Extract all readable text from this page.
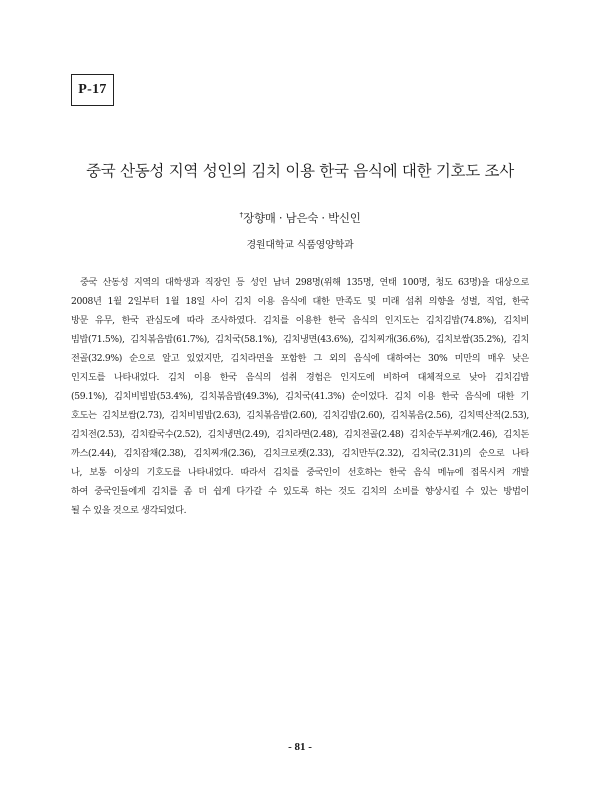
P-17
중국 산동성 지역 성인의 김치 이용 한국 음식에 대한 기호도 조사
†장향매 · 남은숙 · 박신인
경원대학교 식품영양학과
중국 산동성 지역의 대학생과 직장인 등 성인 남녀 298명(위해 135명, 연태 100명, 청도 63명)을 대상으로
2008년 1월 2일부터 1월 18일 사이 김치 이용 음식에 대한 만족도 및 미래 섭취 의향을 성별, 직업, 한국
방문 유무, 한국 관심도에 따라 조사하였다. 김치를 이용한 한국 음식의 인지도는 김치김밥(74.8%), 김치비
빔밥(71.5%), 김치볶음밥(61.7%), 김치국(58.1%), 김치냉면(43.6%), 김치찌개(36.6%), 김치보쌈(35.2%), 김치
전골(32.9%) 순으로 알고 있었지만, 김치라면을 포함한 그 외의 음식에 대하여는 30% 미만의 매우 낮은
인지도를 나타내었다. 김치 이용 한국 음식의 섭취 경험은 인지도에 비하여 대체적으로 낮아 김치김밥
(59.1%), 김치비빔밥(53.4%), 김치볶음밥(49.3%), 김치국(41.3%) 순이었다. 김치 이용 한국 음식에 대한 기
호도는 김치보쌈(2.73), 김치비빔밥(2.63), 김치볶음밥(2.60), 김치김밥(2.60), 김치볶음(2.56), 김치떡산적(2.53),
김치전(2.53), 김치칼국수(2.52), 김치냉면(2.49), 김치라면(2.48), 김치전골(2.48) 김치순두부찌개(2.46), 김치돈
까스(2.44), 김치잡채(2.38), 김치찌개(2.36), 김치크로켓(2.33), 김치만두(2.32), 김치국(2.31)의 순으로 나타
나, 보통 이상의 기호도를 나타내었다. 따라서 김치를 중국인이 선호하는 한국 음식 메뉴에 접목시켜 개발
하여 중국인들에게 김치를 좀 더 쉽게 다가갈 수 있도록 하는 것도 김치의 소비를 향상시킬 수 있는 방법이
될 수 있을 것으로 생각되었다.
- 81 -
